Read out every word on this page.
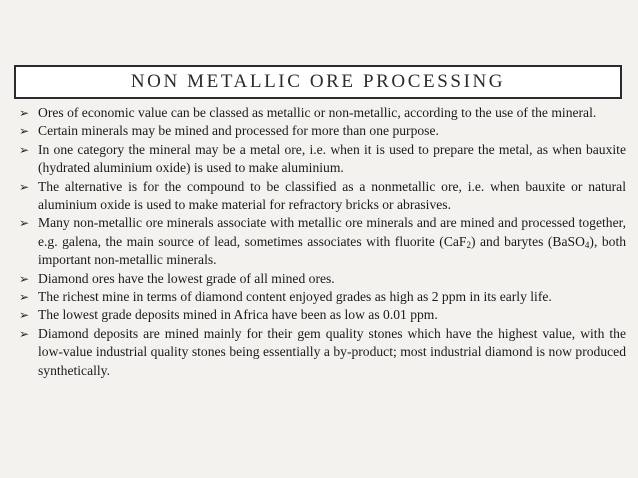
NON METALLIC ORE PROCESSING
➢ Ores of economic value can be classed as metallic or non-metallic, according to the use of the mineral.
➢ Certain minerals may be mined and processed for more than one purpose.
➢ In one category the mineral may be a metal ore, i.e. when it is used to prepare the metal, as when bauxite (hydrated aluminium oxide) is used to make aluminium.
➢ The alternative is for the compound to be classified as a nonmetallic ore, i.e. when bauxite or natural aluminium oxide is used to make material for refractory bricks or abrasives.
➢ Many non-metallic ore minerals associate with metallic ore minerals and are mined and processed together, e.g. galena, the main source of lead, sometimes associates with fluorite (CaF$_2$) and barytes (BaSO$_4$), both important non-metallic minerals.
➢ Diamond ores have the lowest grade of all mined ores.
➢ The richest mine in terms of diamond content enjoyed grades as high as 2 ppm in its early life.
➢ The lowest grade deposits mined in Africa have been as low as 0.01 ppm.
➢ Diamond deposits are mined mainly for their gem quality stones which have the highest value, with the low-value industrial quality stones being essentially a by-product; most industrial diamond is now produced synthetically.
